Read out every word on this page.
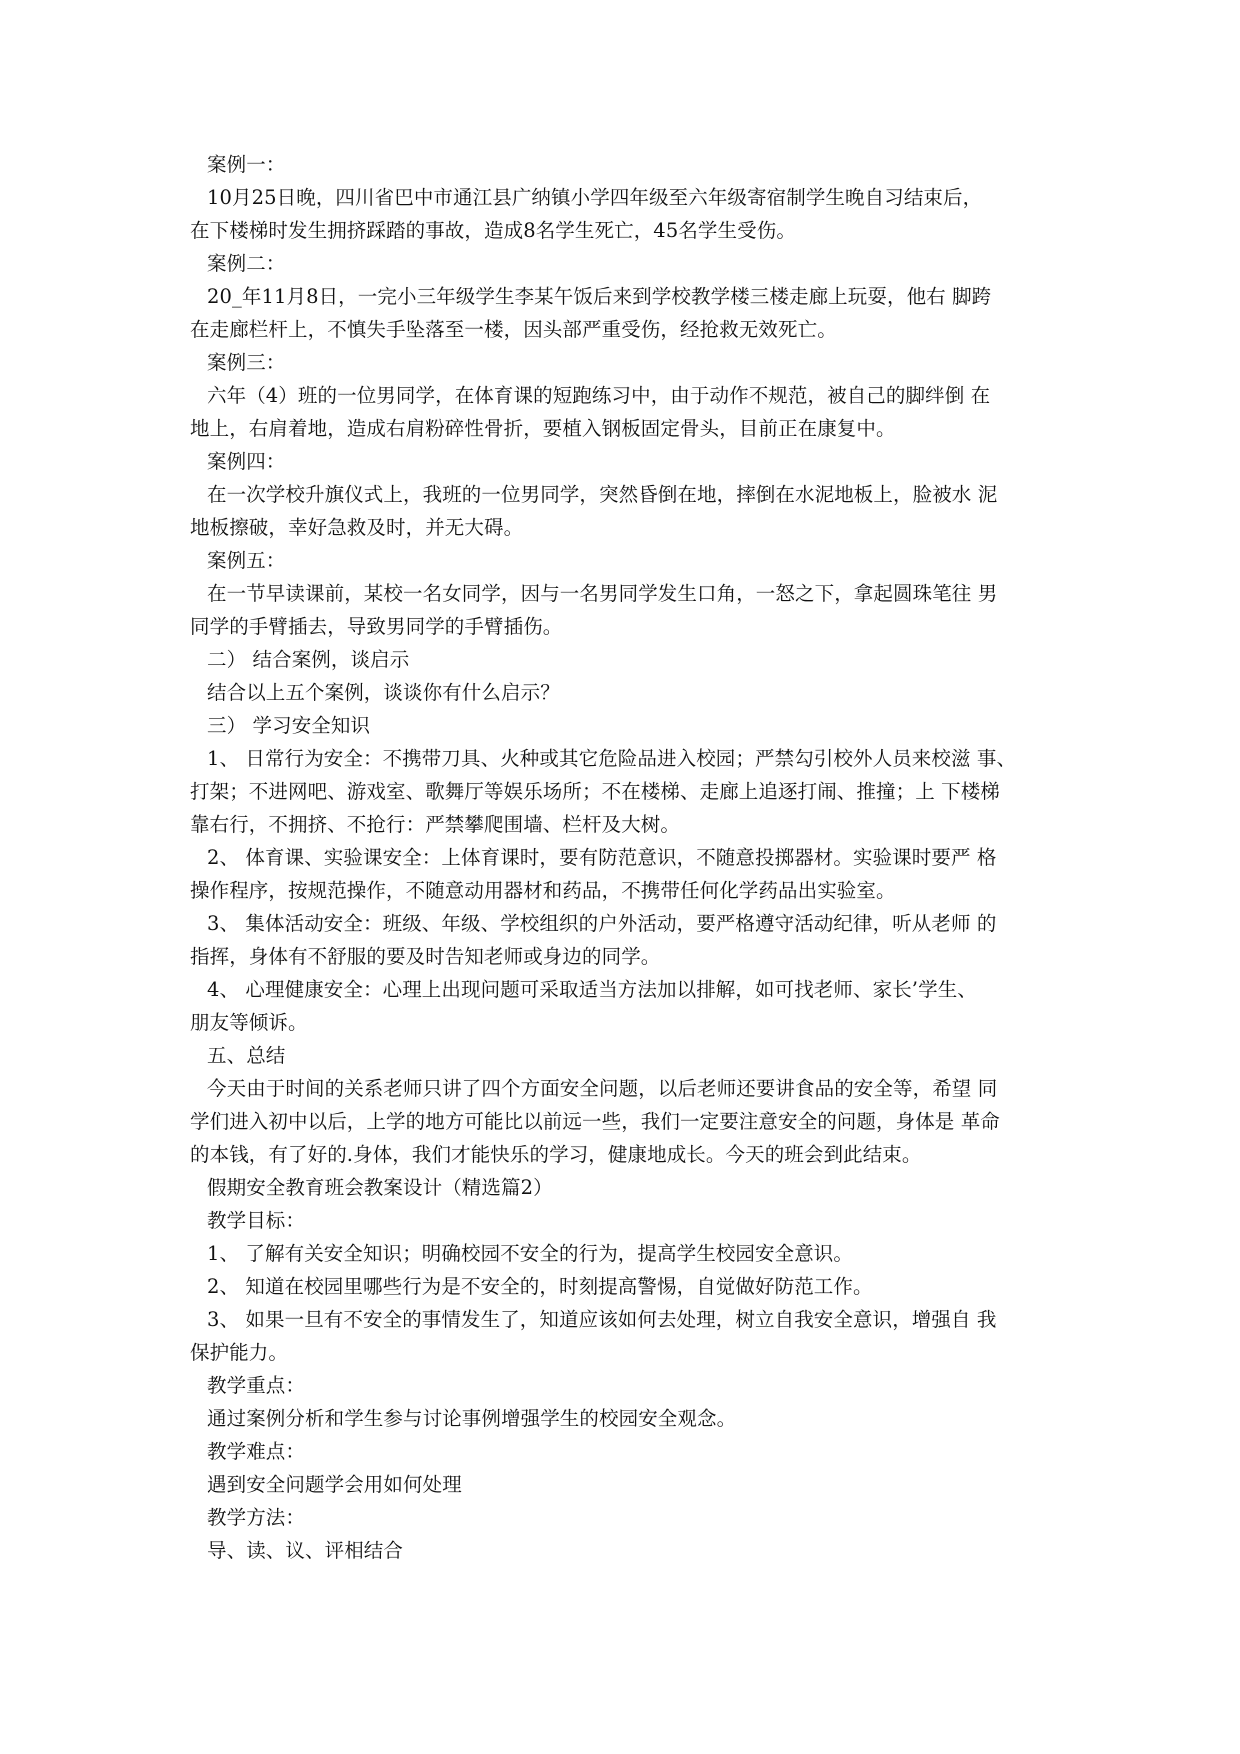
案例一：
10月25日晚，四川省巴中市通江县广纳镇小学四年级至六年级寄宿制学生晚自习结束后，
在下楼梯时发生拥挤踩踏的事故，造成8名学生死亡，45名学生受伤。
案例二：
20_年11月8日，一完小三年级学生李某午饭后来到学校教学楼三楼走廊上玩耍，他右 脚跨
在走廊栏杆上，不慎失手坠落至一楼，因头部严重受伤，经抢救无效死亡。
案例三：
六年（4）班的一位男同学，在体育课的短跑练习中，由于动作不规范，被自己的脚绊倒 在
地上，右肩着地，造成右肩粉碎性骨折，要植入钢板固定骨头，目前正在康复中。
案例四：
在一次学校升旗仪式上，我班的一位男同学，突然昏倒在地，摔倒在水泥地板上，脸被水 泥
地板擦破，幸好急救及时，并无大碍。
案例五：
在一节早读课前，某校一名女同学，因与一名男同学发生口角，一怒之下，拿起圆珠笔往 男
同学的手臂插去，导致男同学的手臂插伤。
二） 结合案例，谈启示
结合以上五个案例，谈谈你有什么启示？
三） 学习安全知识
1、 日常行为安全：不携带刀具、火种或其它危险品进入校园；严禁勾引校外人员来校滋 事、
打架；不进网吧、游戏室、歌舞厅等娱乐场所；不在楼梯、走廊上追逐打闹、推撞；上 下楼梯
靠右行，不拥挤、不抢行：严禁攀爬围墙、栏杆及大树。
2、 体育课、实验课安全：上体育课时，要有防范意识，不随意投掷器材。实验课时要严 格
操作程序，按规范操作，不随意动用器材和药品，不携带任何化学药品出实验室。
3、 集体活动安全：班级、年级、学校组织的户外活动，要严格遵守活动纪律，听从老师 的
指挥，身体有不舒服的要及时告知老师或身边的同学。
4、 心理健康安全：心理上出现问题可采取适当方法加以排解，如可找老师、家长’学生、
朋友等倾诉。
五、总结
今天由于时间的关系老师只讲了四个方面安全问题，以后老师还要讲食品的安全等，希望 同
学们进入初中以后，上学的地方可能比以前远一些，我们一定要注意安全的问题，身体是 革命
的本钱，有了好的.身体，我们才能快乐的学习，健康地成长。今天的班会到此结束。
假期安全教育班会教案设计（精选篇2）
教学目标：
1、 了解有关安全知识；明确校园不安全的行为，提高学生校园安全意识。
2、 知道在校园里哪些行为是不安全的，时刻提高警惕，自觉做好防范工作。
3、 如果一旦有不安全的事情发生了，知道应该如何去处理，树立自我安全意识，增强自 我
保护能力。
教学重点：
通过案例分析和学生参与讨论事例增强学生的校园安全观念。
教学难点：
遇到安全问题学会用如何处理
教学方法：
导、读、议、评相结合
